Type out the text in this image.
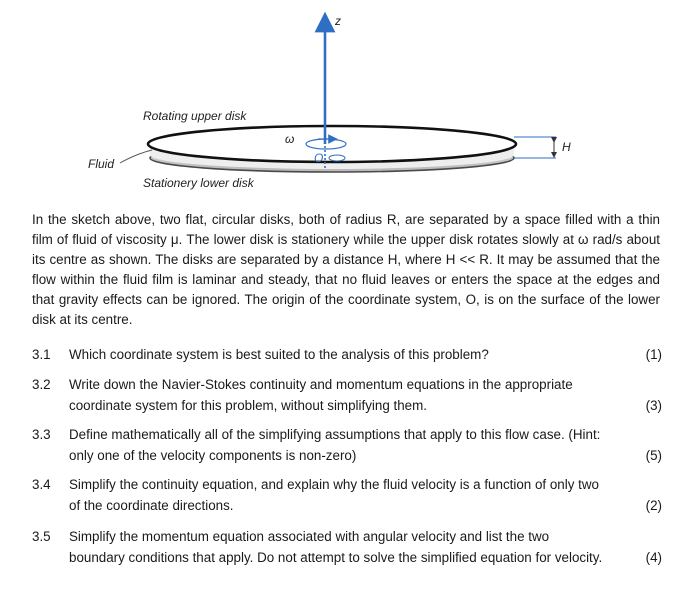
z
Rotating upper disk
ω
H
O
Fluid
Stationery lower disk

In the sketch above, two flat, circular disks, both of radius R, are separated by a space filled with a thin film of fluid of viscosity μ. The lower disk is stationery while the upper disk rotates slowly at ω rad/s about its centre as shown. The disks are separated by a distance H, where H << R. It may be assumed that the flow within the fluid film is laminar and steady, that no fluid leaves or enters the space at the edges and that gravity effects can be ignored. The origin of the coordinate system, O, is on the surface of the lower disk at its centre.

3.1 Which coordinate system is best suited to the analysis of this problem?	(1)
3.2 Write down the Navier-Stokes continuity and momentum equations in the appropriate coordinate system for this problem, without simplifying them.	(3)
3.3 Define mathematically all of the simplifying assumptions that apply to this flow case. (Hint: only one of the velocity components is non-zero)	(5)
3.4 Simplify the continuity equation, and explain why the fluid velocity is a function of only two of the coordinate directions.	(2)
3.5 Simplify the momentum equation associated with angular velocity and list the two boundary conditions that apply. Do not attempt to solve the simplified equation for velocity.	(4)
